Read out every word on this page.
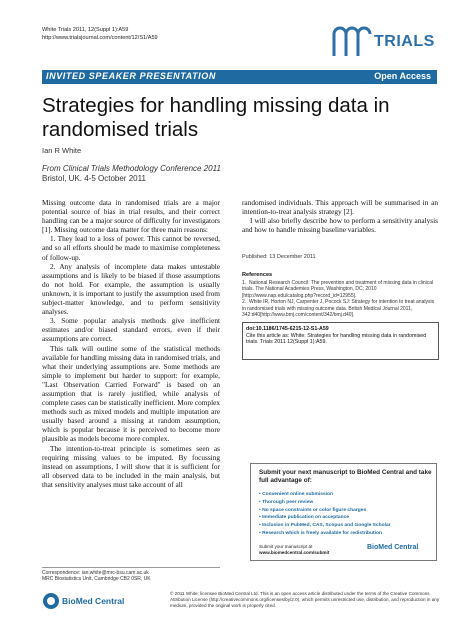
White Trials 2011, 12(Suppl 1):A59
http://www.trialsjournal.com/content/12/S1/A59	TRIALS
INVITED SPEAKER PRESENTATION	Open Access
Strategies for handling missing data in randomised trials
Ian R White
From Clinical Trials Methodology Conference 2011
Bristol, UK. 4-5 October 2011

Missing outcome data in randomised trials are a major potential source of bias in trial results, and their correct handling can be a major source of difficulty for investigators [1]. Missing outcome data matter for three main reasons:

1. They lead to a loss of power. This cannot be reversed, and so all efforts should be made to maximise completeness of follow-up.

2. Any analysis of incomplete data makes untestable assumptions and is likely to be biased if those assumptions do not hold. For example, the assumption is usually unknown, it is important to justify the assumption used from subject-matter knowledge, and to perform sensitivity analyses.

3. Some popular analysis methods give inefficient estimates and/or biased standard errors, even if their assumptions are correct.

This talk will outline some of the statistical methods available for handling missing data in randomised trials, and what their underlying assumptions are. Some methods are simple to implement but harder to support: for example, "Last Observation Carried Forward" is based on an assumption that is rarely justified, while analysis of complete cases can be statistically inefficient. More complex methods such as mixed models and multiple imputation are usually based around a missing at random assumption, which is popular because it is perceived to become more plausible as models become more complex.

The intention-to-treat principle is sometimes seen as requiring missing values to be imputed. By focussing instead on assumptions, I will show that it is sufficient for all observed data to be included in the main analysis, but that sensitivity analyses must take account of all

randomised individuals. This approach will be summarised in an intention-to-treat analysis strategy [2].

I will also briefly describe how to perform a sensitivity analysis and how to handle missing baseline variables.

Published: 13 December 2011
References
1. National Research Council: The prevention and treatment of missing data in clinical trials. The National Academies Press, Washington, DC; 2010 [http://www.nap.edu/catalog.php?record_id=12955].
2. White IR, Horton NJ, Carpenter J, Pocock SJ: Strategy for intention to treat analysis in randomised trials with missing outcome data. British Medical Journal 2011, 342:d40[http://www.bmj.com/content/342/bmj.d40].
doi:10.1186/1745-6215-12-S1-A59
Cite this article as: White: Strategies for handling missing data in randomised trials. Trials 2011 12(Suppl 1):A59.
Submit your next manuscript to BioMed Central and take full advantage of:
• Convenient online submission
• Thorough peer review
• No space constraints or color figure charges
• Immediate publication on acceptance
• Inclusion in PubMed, CAS, Scopus and Google Scholar
• Research which is freely available for redistribution
Submit your manuscript at
www.biomedcentral.com/submit
BioMed Central
Correspondence: ian.white@mrc-bsu.cam.ac.uk
MRC Biostatistics Unit, Cambridge CB2 0SR, UK
BioMed Central
© 2011 White; licensee BioMed Central Ltd. This is an open access article distributed under the terms of the Creative Commons Attribution License (http://creativecommons.org/licenses/by/2.0), which permits unrestricted use, distribution, and reproduction in any medium, provided the original work is properly cited.
